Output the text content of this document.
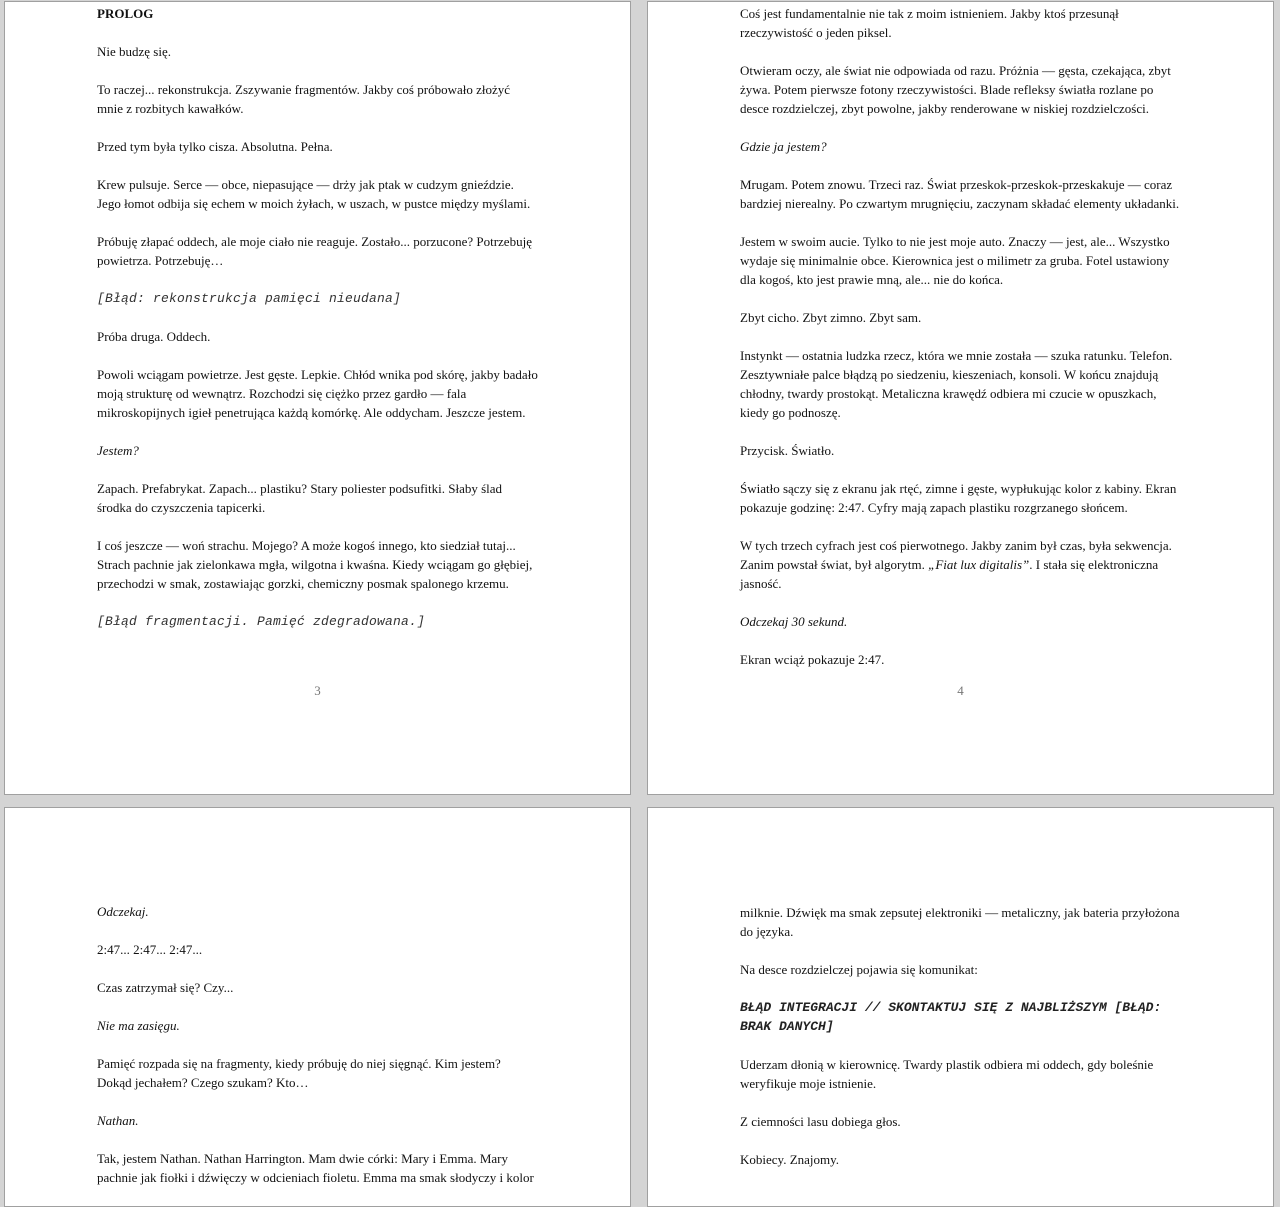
PROLOG

Nie budzę się.

To raczej... rekonstrukcja. Zszywanie fragmentów. Jakby coś próbowało złożyć
mnie z rozbitych kawałków.

Przed tym była tylko cisza. Absolutna. Pełna.

Krew pulsuje. Serce — obce, niepasujące — drży jak ptak w cudzym gnieździe.
Jego łomot odbija się echem w moich żyłach, w uszach, w pustce między myślami.

Próbuję złapać oddech, ale moje ciało nie reaguje. Zostało... porzucone? Potrzebuję
powietrza. Potrzebuję…

[Błąd: rekonstrukcja pamięci nieudana]

Próba druga. Oddech.

Powoli wciągam powietrze. Jest gęste. Lepkie. Chłód wnika pod skórę, jakby badało
moją strukturę od wewnątrz. Rozchodzi się ciężko przez gardło — fala
mikroskopijnych igieł penetrująca każdą komórkę. Ale oddycham. Jeszcze jestem.

Jestem?

Zapach. Prefabrykat. Zapach... plastiku? Stary poliester podsufitki. Słaby ślad
środka do czyszczenia tapicerki.

I coś jeszcze — woń strachu. Mojego? A może kogoś innego, kto siedział tutaj...
Strach pachnie jak zielonkawa mgła, wilgotna i kwaśna. Kiedy wciągam go głębiej,
przechodzi w smak, zostawiając gorzki, chemiczny posmak spalonego krzemu.

[Błąd fragmentacji. Pamięć zdegradowana.]

3

Coś jest fundamentalnie nie tak z moim istnieniem. Jakby ktoś przesunął
rzeczywistość o jeden piksel.

Otwieram oczy, ale świat nie odpowiada od razu. Próżnia — gęsta, czekająca, zbyt
żywa. Potem pierwsze fotony rzeczywistości. Blade refleksy światła rozlane po
desce rozdzielczej, zbyt powolne, jakby renderowane w niskiej rozdzielczości.

Gdzie ja jestem?

Mrugam. Potem znowu. Trzeci raz. Świat przeskok-przeskok-przeskakuje — coraz
bardziej nierealny. Po czwartym mrugnięciu, zaczynam składać elementy układanki.

Jestem w swoim aucie. Tylko to nie jest moje auto. Znaczy — jest, ale... Wszystko
wydaje się minimalnie obce. Kierownica jest o milimetr za gruba. Fotel ustawiony
dla kogoś, kto jest prawie mną, ale... nie do końca.

Zbyt cicho. Zbyt zimno. Zbyt sam.

Instynkt — ostatnia ludzka rzecz, która we mnie została — szuka ratunku. Telefon.
Zesztywniałe palce błądzą po siedzeniu, kieszeniach, konsoli. W końcu znajdują
chłodny, twardy prostokąt. Metaliczna krawędź odbiera mi czucie w opuszkach,
kiedy go podnoszę.

Przycisk. Światło.

Światło sączy się z ekranu jak rtęć, zimne i gęste, wypłukując kolor z kabiny. Ekran
pokazuje godzinę: 2:47. Cyfry mają zapach plastiku rozgrzanego słońcem.

W tych trzech cyfrach jest coś pierwotnego. Jakby zanim był czas, była sekwencja.
Zanim powstał świat, był algorytm. „Fiat lux digitalis”. I stała się elektroniczna
jasność.

Odczekaj 30 sekund.

Ekran wciąż pokazuje 2:47.

4

Odczekaj.

2:47... 2:47... 2:47...

Czas zatrzymał się? Czy...

Nie ma zasięgu.

Pamięć rozpada się na fragmenty, kiedy próbuję do niej sięgnąć. Kim jestem?
Dokąd jechałem? Czego szukam? Kto…

Nathan.

Tak, jestem Nathan. Nathan Harrington. Mam dwie córki: Mary i Emma. Mary
pachnie jak fiołki i dźwięczy w odcieniach fioletu. Emma ma smak słodyczy i kolor

milknie. Dźwięk ma smak zepsutej elektroniki — metaliczny, jak bateria przyłożona
do języka.

Na desce rozdzielczej pojawia się komunikat:

BŁĄD INTEGRACJI // SKONTAKTUJ SIĘ Z NAJBLIŻSZYM [BŁĄD:
BRAK DANYCH]

Uderzam dłonią w kierownicę. Twardy plastik odbiera mi oddech, gdy boleśnie
weryfikuje moje istnienie.

Z ciemności lasu dobiega głos.

Kobiecy. Znajomy.
